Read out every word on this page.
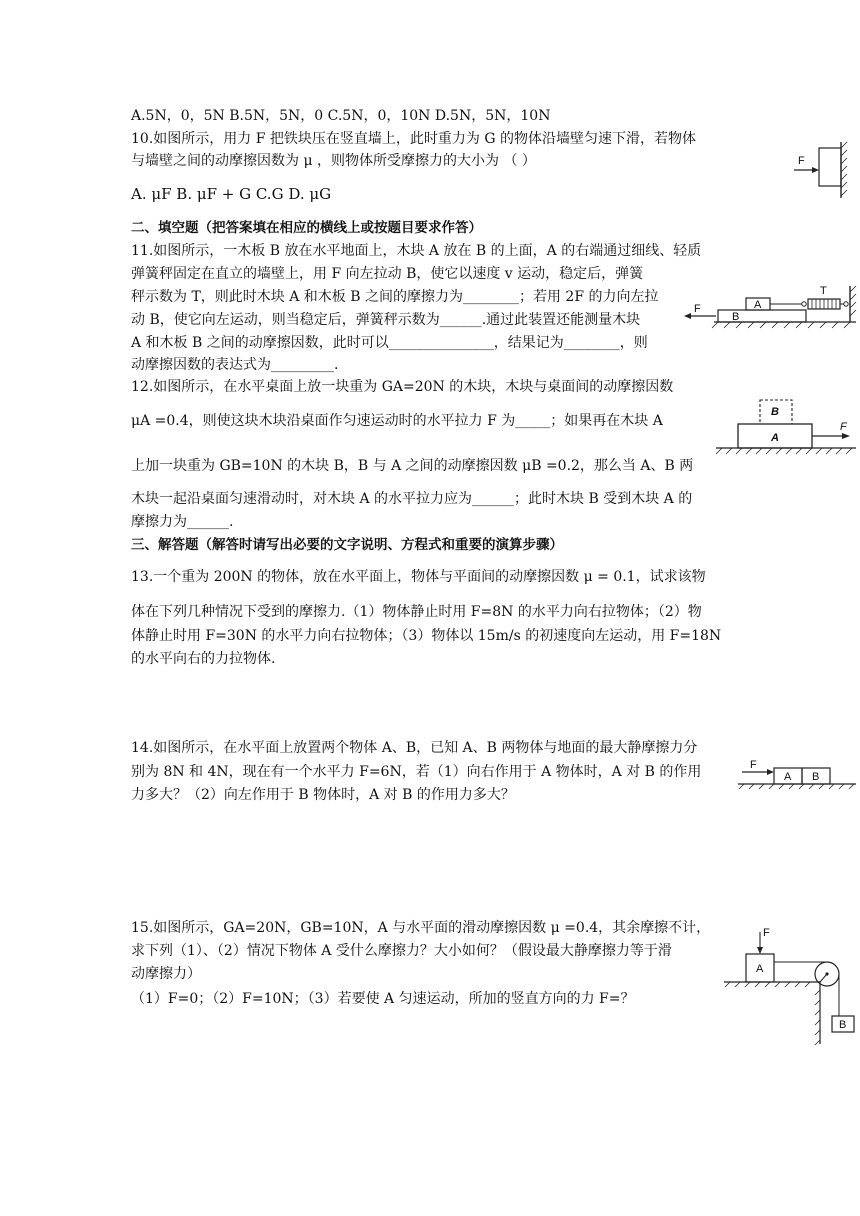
A.5N，0，5N B.5N，5N，0 C.5N，0，10N D.5N，5N，10N
10.如图所示，用力 F 把铁块压在竖直墙上，此时重力为 G 的物体沿墙壁匀速下滑，若物体
与墙壁之间的动摩擦因数为 μ ，则物体所受摩擦力的大小为 （ ）
A. μF B. μF + G C.G D. μG
F
二、填空题（把答案填在相应的横线上或按题目要求作答）
11.如图所示，一木板 B 放在水平地面上，木块 A 放在 B 的上面，A 的右端通过细线、轻质
弹簧秤固定在直立的墙壁上，用 F 向左拉动 B，使它以速度 v 运动，稳定后，弹簧
秤示数为 T，则此时木块 A 和木板 B 之间的摩擦力为________；若用 2F 的力向左拉
动 B，使它向左运动，则当稳定后，弹簧秤示数为______.通过此装置还能测量木块
A 和木板 B 之间的动摩擦因数，此时可以_______________，结果记为________，则
动摩擦因数的表达式为_________.
T
A
B
F
12.如图所示，在水平桌面上放一块重为 GA=20N 的木块，木块与桌面间的动摩擦因数
μA =0.4，则使这块木块沿桌面作匀速运动时的水平拉力 F 为_____；如果再在木块 A
上加一块重为 GB=10N 的木块 B，B 与 A 之间的动摩擦因数 μB =0.2，那么当 A、B 两
木块一起沿桌面匀速滑动时，对木块 A 的水平拉力应为______；此时木块 B 受到木块 A 的
摩擦力为______.
B
A
F
三、解答题（解答时请写出必要的文字说明、方程式和重要的演算步骤）
13.一个重为 200N 的物体，放在水平面上，物体与平面间的动摩擦因数 μ = 0.1，试求该物
体在下列几种情况下受到的摩擦力.（1）物体静止时用 F=8N 的水平力向右拉物体；（2）物
体静止时用 F=30N 的水平力向右拉物体；（3）物体以 15m/s 的初速度向左运动，用 F=18N
的水平向右的力拉物体.
14.如图所示，在水平面上放置两个物体 A、B，已知 A、B 两物体与地面的最大静摩擦力分
别为 8N 和 4N，现在有一个水平力 F=6N，若（1）向右作用于 A 物体时，A 对 B 的作用
力多大？（2）向左作用于 B 物体时，A 对 B 的作用力多大？
F
A B
15.如图所示，GA=20N，GB=10N，A 与水平面的滑动摩擦因数 μ =0.4，其余摩擦不计，
求下列（1）、（2）情况下物体 A 受什么摩擦力？大小如何？（假设最大静摩擦力等于滑
动摩擦力）
（1）F=0；（2）F=10N；（3）若要使 A 匀速运动，所加的竖直方向的力 F=？
F
A
B
